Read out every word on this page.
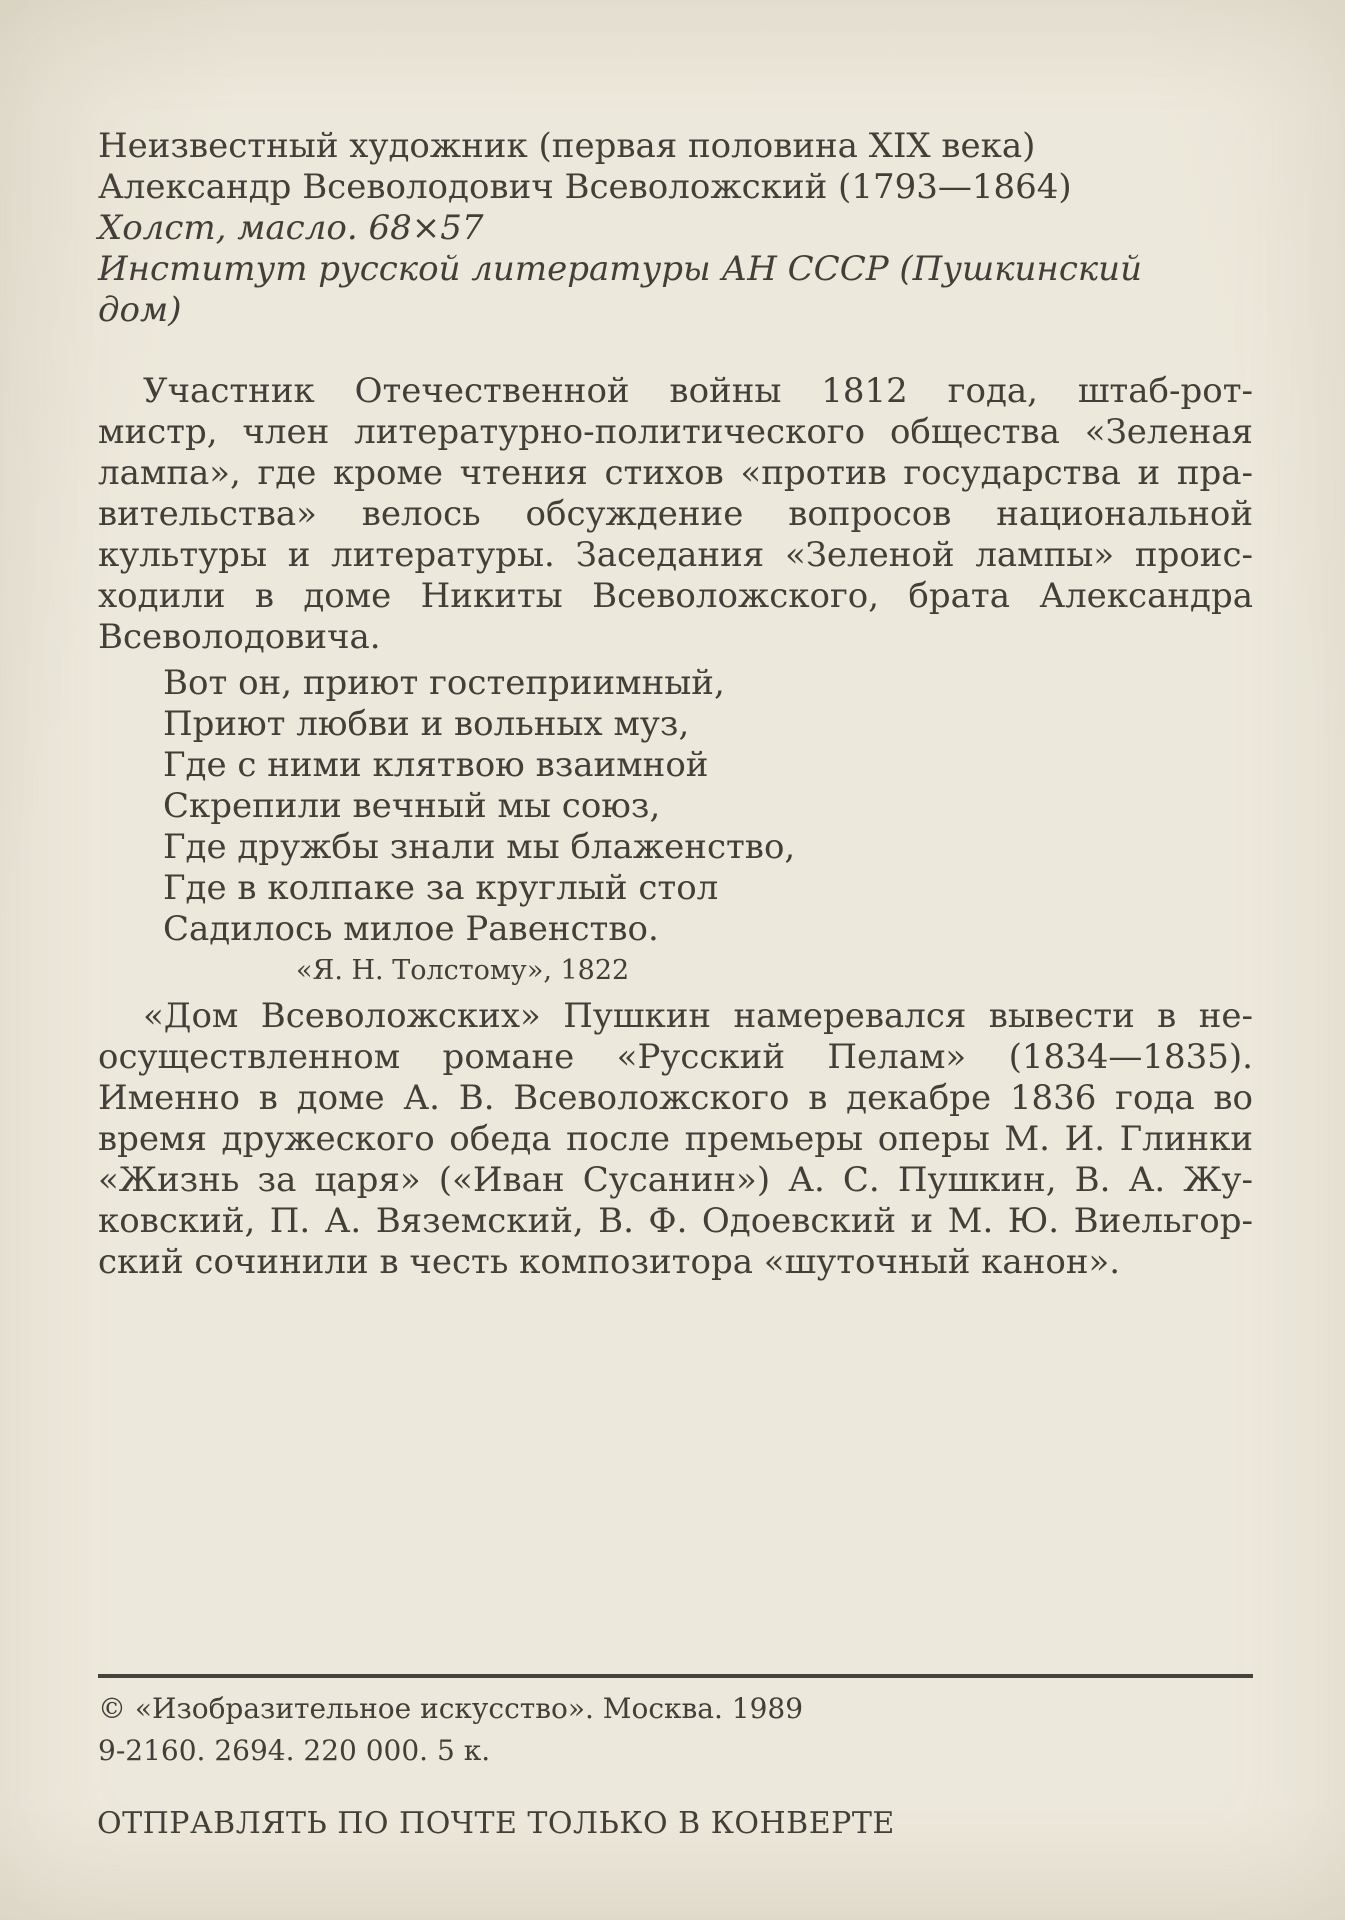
Неизвестный художник (первая половина XIX века)
Александр Всеволодович Всеволожский (1793—1864)
Холст, масло. 68×57
Институт русской литературы АН СССР (Пушкинский
дом)
Участник Отечественной войны 1812 года, штаб-рот-
мистр, член литературно-политического общества «Зеленая
лампа», где кроме чтения стихов «против государства и пра-
вительства» велось обсуждение вопросов национальной
культуры и литературы. Заседания «Зеленой лампы» проис-
ходили в доме Никиты Всеволожского, брата Александра
Всеволодовича.
Вот он, приют гостеприимный,
Приют любви и вольных муз,
Где с ними клятвою взаимной
Скрепили вечный мы союз,
Где дружбы знали мы блаженство,
Где в колпаке за круглый стол
Садилось милое Равенство.
«Я. Н. Толстому», 1822
«Дом Всеволожских» Пушкин намеревался вывести в не-
осуществленном романе «Русский Пелам» (1834—1835).
Именно в доме А. В. Всеволожского в декабре 1836 года во
время дружеского обеда после премьеры оперы М. И. Глинки
«Жизнь за царя» («Иван Сусанин») А. С. Пушкин, В. А. Жу-
ковский, П. А. Вяземский, В. Ф. Одоевский и М. Ю. Виельгор-
ский сочинили в честь композитора «шуточный канон».
© «Изобразительное искусство». Москва. 1989
9-2160. 2694. 220 000. 5 к.
ОТПРАВЛЯТЬ ПО ПОЧТЕ ТОЛЬКО В КОНВЕРТЕ
